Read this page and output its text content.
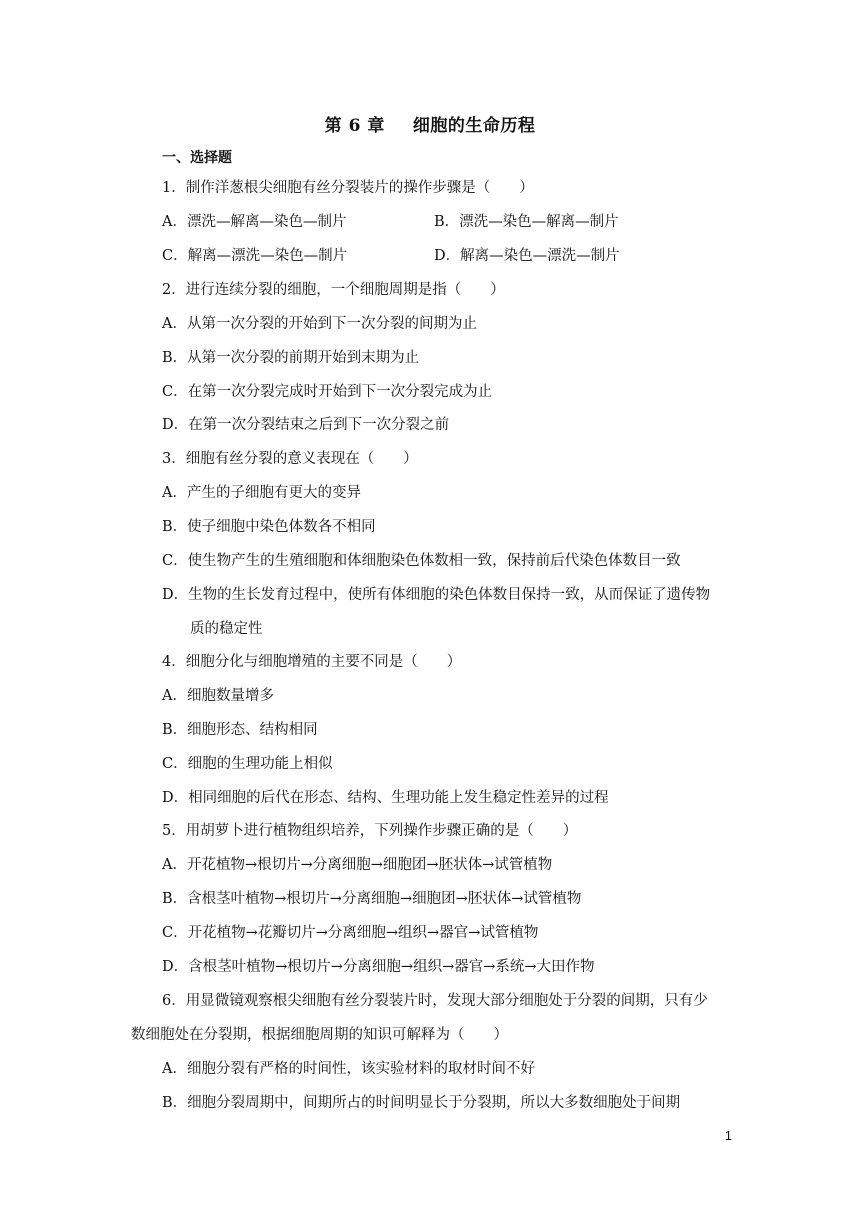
第 6 章 细胞的生命历程
一、选择题
1．制作洋葱根尖细胞有丝分裂装片的操作步骤是（　　）
A．漂洗—解离—染色—制片	B．漂洗—染色—解离—制片
C．解离—漂洗—染色—制片	D．解离—染色—漂洗—制片
2．进行连续分裂的细胞，一个细胞周期是指（　　）
A．从第一次分裂的开始到下一次分裂的间期为止
B．从第一次分裂的前期开始到末期为止
C．在第一次分裂完成时开始到下一次分裂完成为止
D．在第一次分裂结束之后到下一次分裂之前
3．细胞有丝分裂的意义表现在（　　）
A．产生的子细胞有更大的变异
B．使子细胞中染色体数各不相同
C．使生物产生的生殖细胞和体细胞染色体数相一致，保持前后代染色体数目一致
D．生物的生长发育过程中，使所有体细胞的染色体数目保持一致，从而保证了遗传物
质的稳定性
4．细胞分化与细胞增殖的主要不同是（　　）
A．细胞数量增多
B．细胞形态、结构相同
C．细胞的生理功能上相似
D．相同细胞的后代在形态、结构、生理功能上发生稳定性差异的过程
5．用胡萝卜进行植物组织培养，下列操作步骤正确的是（　　）
A．开花植物→根切片→分离细胞→细胞团→胚状体→试管植物
B．含根茎叶植物→根切片→分离细胞→细胞团→胚状体→试管植物
C．开花植物→花瓣切片→分离细胞→组织→器官→试管植物
D．含根茎叶植物→根切片→分离细胞→组织→器官→系统→大田作物
6．用显微镜观察根尖细胞有丝分裂装片时，发现大部分细胞处于分裂的间期，只有少
数细胞处在分裂期，根据细胞周期的知识可解释为（　　）
A．细胞分裂有严格的时间性，该实验材料的取材时间不好
B．细胞分裂周期中，间期所占的时间明显长于分裂期，所以大多数细胞处于间期
1
